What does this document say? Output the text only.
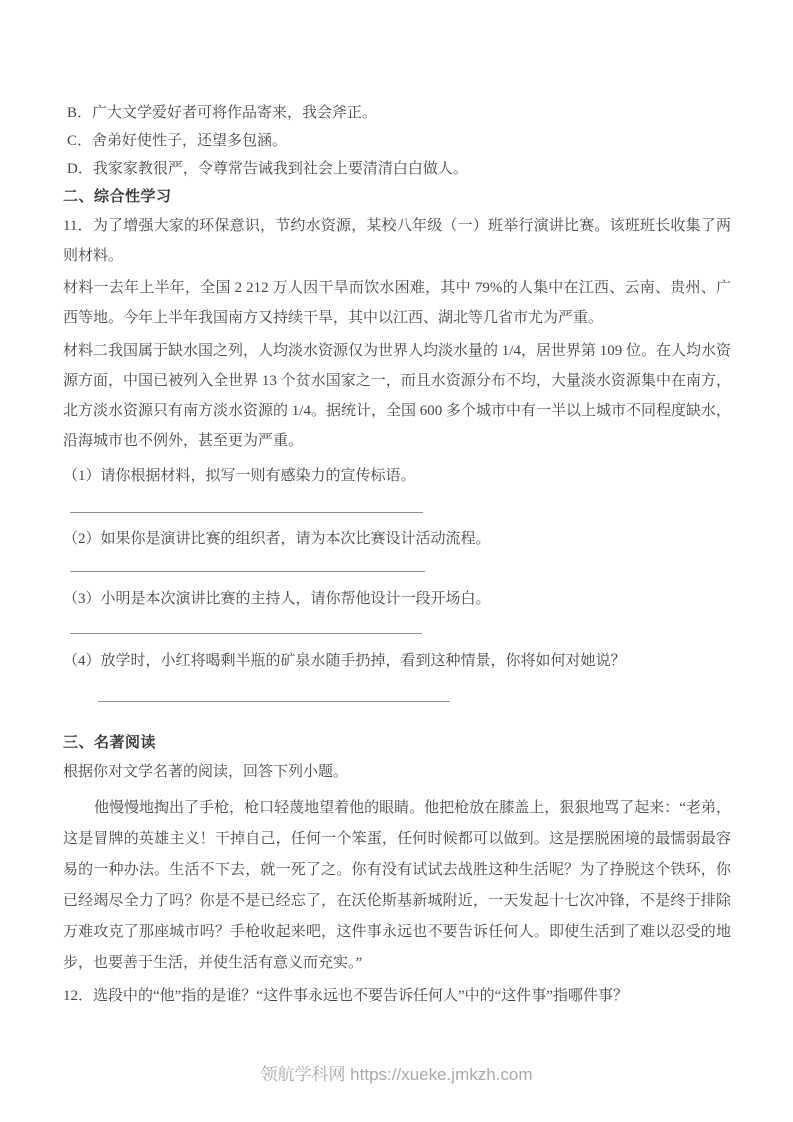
B．广大文学爱好者可将作品寄来，我会斧正。

C．舍弟好使性子，还望多包涵。

D．我家家教很严，令尊常告诫我到社会上要清清白白做人。

二、综合性学习

11．为了增强大家的环保意识，节约水资源，某校八年级（一）班举行演讲比赛。该班班长收集了两则材料。

材料一去年上半年，全国 2 212 万人因干旱而饮水困难，其中 79%的人集中在江西、云南、贵州、广西等地。今年上半年我国南方又持续干旱，其中以江西、湖北等几省市尤为严重。

材料二我国属于缺水国之列，人均淡水资源仅为世界人均淡水量的 1/4，居世界第 109 位。在人均水资源方面，中国已被列入全世界 13 个贫水国家之一，而且水资源分布不均，大量淡水资源集中在南方，北方淡水资源只有南方淡水资源的 1/4。据统计，全国 600 多个城市中有一半以上城市不同程度缺水，沿海城市也不例外，甚至更为严重。

（1）请你根据材料，拟写一则有感染力的宣传标语。

（2）如果你是演讲比赛的组织者，请为本次比赛设计活动流程。

（3）小明是本次演讲比赛的主持人，请你帮他设计一段开场白。

（4）放学时，小红将喝剩半瓶的矿泉水随手扔掉，看到这种情景，你将如何对她说？

三、名著阅读

根据你对文学名著的阅读，回答下列小题。

他慢慢地掏出了手枪，枪口轻蔑地望着他的眼睛。他把枪放在膝盖上，狠狠地骂了起来：“老弟，这是冒牌的英雄主义！干掉自己，任何一个笨蛋，任何时候都可以做到。这是摆脱困境的最懦弱最容易的一种办法。生活不下去，就一死了之。你有没有试试去战胜这种生活呢？为了挣脱这个铁环，你已经竭尽全力了吗？你是不是已经忘了，在沃伦斯基新城附近，一天发起十七次冲锋，不是终于排除万难攻克了那座城市吗？手枪收起来吧，这件事永远也不要告诉任何人。即使生活到了难以忍受的地步，也要善于生活，并使生活有意义而充实。”

12．选段中的“他”指的是谁？“这件事永远也不要告诉任何人”中的“这件事”指哪件事？

领航学科网 https://xueke.jmkzh.com
